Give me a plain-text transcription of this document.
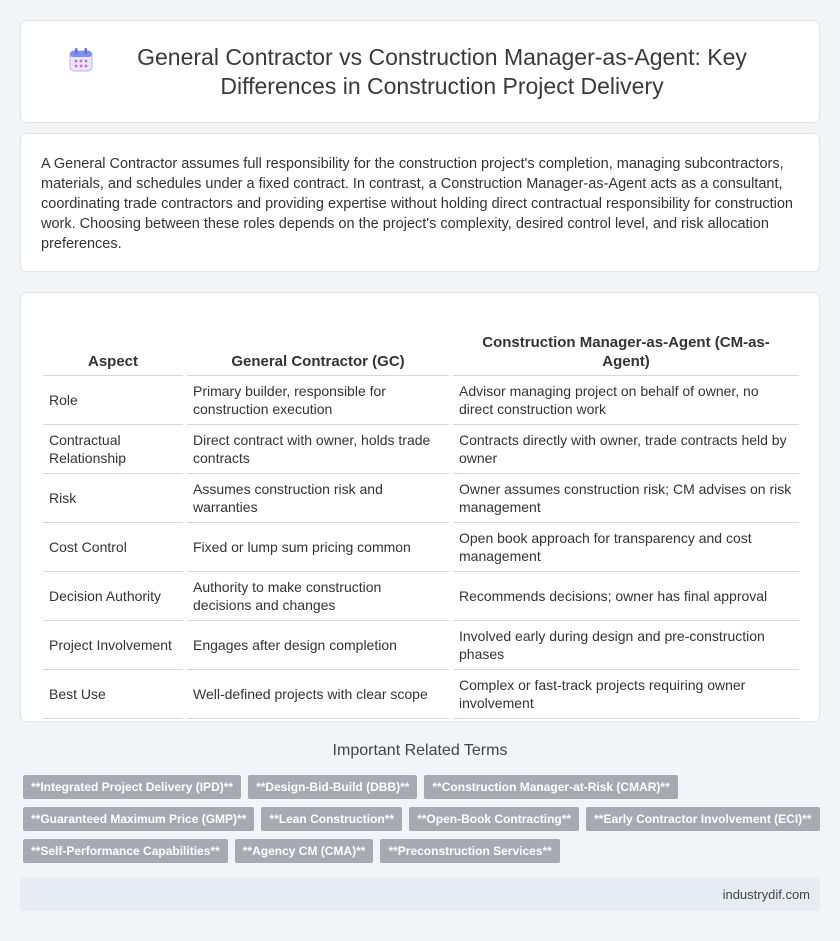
General Contractor vs Construction Manager-as-Agent: Key Differences in Construction Project Delivery

A General Contractor assumes full responsibility for the construction project's completion, managing subcontractors, materials, and schedules under a fixed contract. In contrast, a Construction Manager-as-Agent acts as a consultant, coordinating trade contractors and providing expertise without holding direct contractual responsibility for construction work. Choosing between these roles depends on the project's complexity, desired control level, and risk allocation preferences.

Aspect	General Contractor (GC)	Construction Manager-as-Agent (CM-as-Agent)
Role	Primary builder, responsible for construction execution	Advisor managing project on behalf of owner, no direct construction work
Contractual Relationship	Direct contract with owner, holds trade contracts	Contracts directly with owner, trade contracts held by owner
Risk	Assumes construction risk and warranties	Owner assumes construction risk; CM advises on risk management
Cost Control	Fixed or lump sum pricing common	Open book approach for transparency and cost management
Decision Authority	Authority to make construction decisions and changes	Recommends decisions; owner has final approval
Project Involvement	Engages after design completion	Involved early during design and pre-construction phases
Best Use	Well-defined projects with clear scope	Complex or fast-track projects requiring owner involvement
Important Related Terms
**Integrated Project Delivery (IPD)**	**Design-Bid-Build (DBB)**	**Construction Manager-at-Risk (CMAR)**
**Guaranteed Maximum Price (GMP)**	**Lean Construction**	**Open-Book Contracting**	**Early Contractor Involvement (ECI)**
**Self-Performance Capabilities**	**Agency CM (CMA)**	**Preconstruction Services**
industrydif.com
